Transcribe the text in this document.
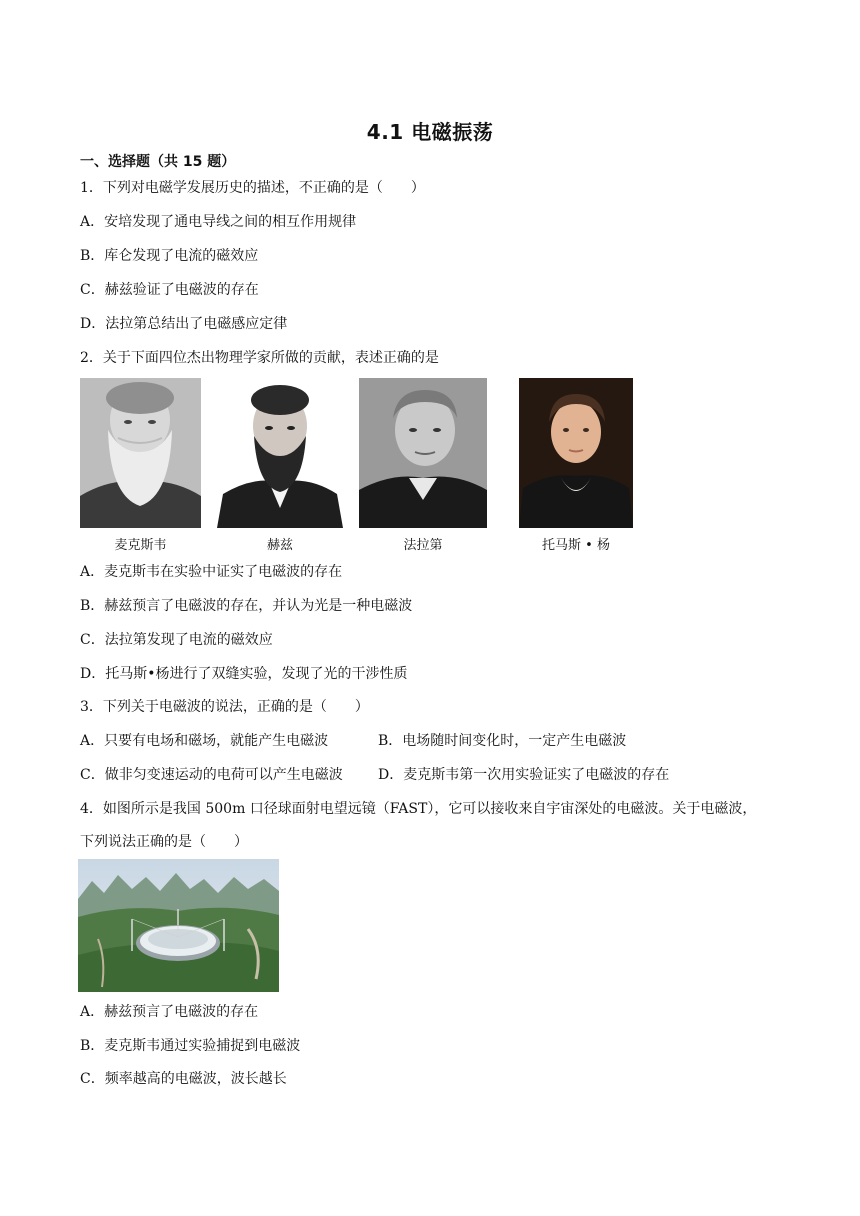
4.1 电磁振荡
一、选择题（共 15 题）
1．下列对电磁学发展历史的描述，不正确的是（　　）
A．安培发现了通电导线之间的相互作用规律
B．库仑发现了电流的磁效应
C．赫兹验证了电磁波的存在
D．法拉第总结出了电磁感应定律
2．关于下面四位杰出物理学家所做的贡献，表述正确的是
麦克斯韦	赫兹	法拉第	托马斯 • 杨
A．麦克斯韦在实验中证实了电磁波的存在
B．赫兹预言了电磁波的存在，并认为光是一种电磁波
C．法拉第发现了电流的磁效应
D．托马斯•杨进行了双缝实验，发现了光的干涉性质
3．下列关于电磁波的说法，正确的是（　　）
A．只要有电场和磁场，就能产生电磁波	B．电场随时间变化时，一定产生电磁波
C．做非匀变速运动的电荷可以产生电磁波	D．麦克斯韦第一次用实验证实了电磁波的存在
4．如图所示是我国 500m 口径球面射电望远镜（FAST），它可以接收来自宇宙深处的电磁波。关于电磁波，
下列说法正确的是（　　）
A．赫兹预言了电磁波的存在
B．麦克斯韦通过实验捕捉到电磁波
C．频率越高的电磁波，波长越长
